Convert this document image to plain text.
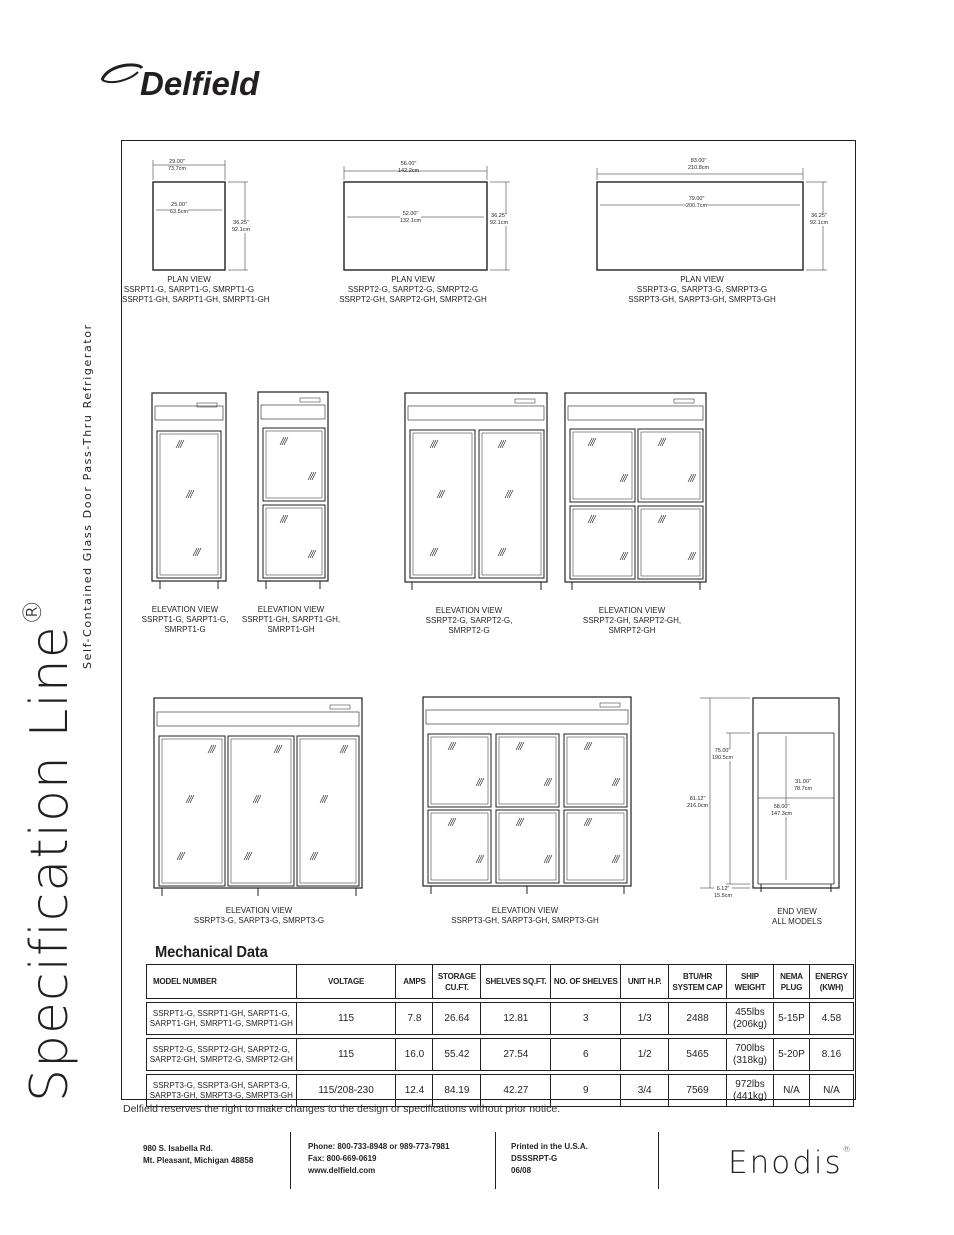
Delfield
Specification Line®	Self-Contained Glass Door Pass-Thru Refrigerator
29.00"
73.7cm
25.00"
63.5cm
36.25"
92.1cm
PLAN VIEW
SSRPT1-G, SARPT1-G, SMRPT1-G
SSRPT1-GH, SARPT1-GH, SMRPT1-GH
56.00"
142.2cm
52.00"
132.1cm
36.25"
92.1cm
PLAN VIEW
SSRPT2-G, SARPT2-G, SMRPT2-G
SSRPT2-GH, SARPT2-GH, SMRPT2-GH
83.00"
210.8cm
79.00"
200.7cm
36.25"
92.1cm
PLAN VIEW
SSRPT3-G, SARPT3-G, SMRPT3-G
SSRPT3-GH, SARPT3-GH, SMRPT3-GH
ELEVATION VIEW
SSRPT1-G, SARPT1-G,
SMRPT1-G
ELEVATION VIEW
SSRPT1-GH, SARPT1-GH,
SMRPT1-GH
ELEVATION VIEW
SSRPT2-G, SARPT2-G,
SMRPT2-G
ELEVATION VIEW
SSRPT2-GH, SARPT2-GH,
SMRPT2-GH
ELEVATION VIEW
SSRPT3-G, SARPT3-G, SMRPT3-G
ELEVATION VIEW
SSRPT3-GH, SARPT3-GH, SMRPT3-GH
75.00"
190.5cm
81.12"
216.0cm
31.00"
78.7cm
58.00"
147.3cm
6.12"
15.5cm
END VIEW
ALL MODELS
Mechanical Data
MODEL NUMBER	VOLTAGE	AMPS	STORAGE
CU.FT.	SHELVES SQ.FT.	NO. OF SHELVES	UNIT H.P.	BTU/HR
SYSTEM CAP	SHIP
WEIGHT	NEMA
PLUG	ENERGY
(KWH)

SSRPT1-G, SSRPT1-GH, SARPT1-G,
SARPT1-GH, SMRPT1-G, SMRPT1-GH	115	7.8	26.64	12.81	3	1/3	2488	455lbs
(206kg)	5-15P	4.58

SSRPT2-G, SSRPT2-GH, SARPT2-G,
SARPT2-GH, SMRPT2-G, SMRPT2-GH	115	16.0	55.42	27.54	6	1/2	5465	700lbs
(318kg)	5-20P	8.16

SSRPT3-G, SSRPT3-GH, SARPT3-G,
SARPT3-GH, SMRPT3-G, SMRPT3-GH	115/208-230	12.4	84.19	42.27	9	3/4	7569	972lbs
(441kg)	N/A	N/A
Delfield reserves the right to make changes to the design or specifications without prior notice.
980 S. Isabella Rd.
Mt. Pleasant, Michigan 48858
Phone: 800-733-8948 or 989-773-7981
Fax: 800-669-0619
www.delfield.com
Printed in the U.S.A.
DSSSRPT-G
06/08	Enodis®
